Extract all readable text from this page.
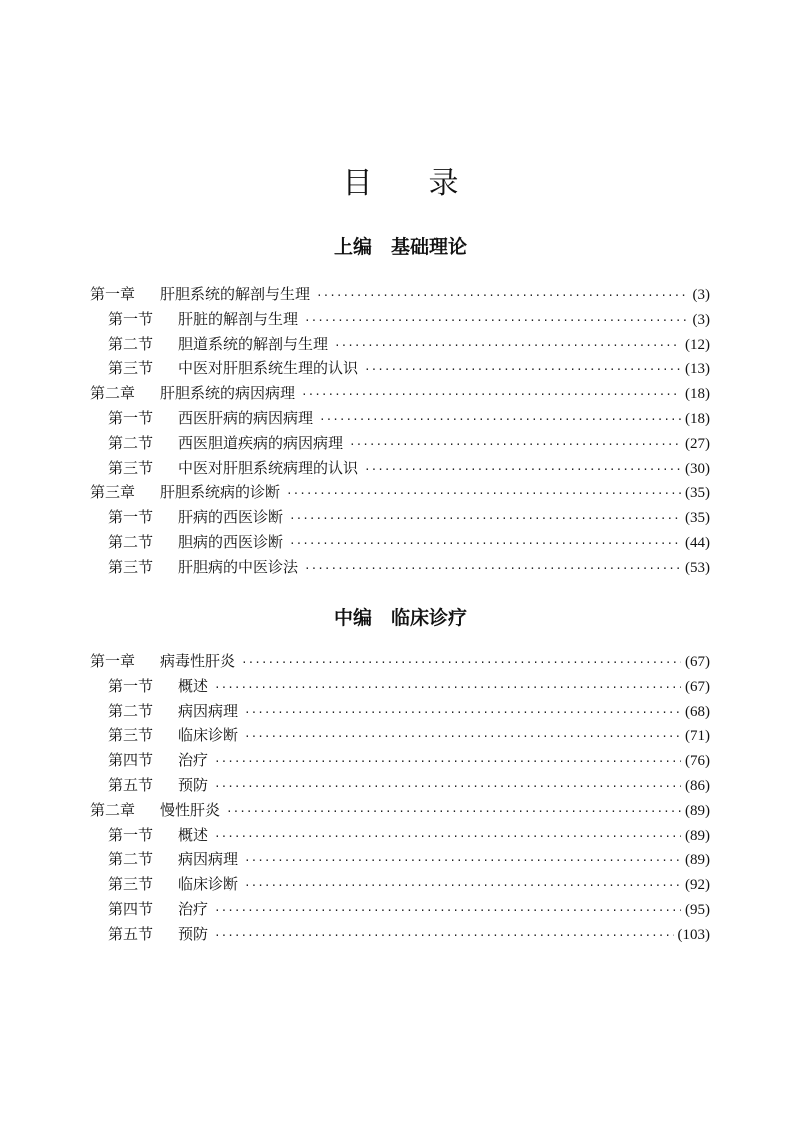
目录
上编　基础理论
第一章	肝胆系统的解剖与生理 ·····	(3)
第一节	肝脏的解剖与生理 ·····	(3)
第二节	胆道系统的解剖与生理 ·····	(12)
第三节	中医对肝胆系统生理的认识 ·····	(13)
第二章	肝胆系统的病因病理 ·····	(18)
第一节	西医肝病的病因病理 ·····	(18)
第二节	西医胆道疾病的病因病理 ·····	(27)
第三节	中医对肝胆系统病理的认识 ·····	(30)
第三章	肝胆系统病的诊断 ·····	(35)
第一节	肝病的西医诊断 ·····	(35)
第二节	胆病的西医诊断 ·····	(44)
第三节	肝胆病的中医诊法 ·····	(53)
中编　临床诊疗
第一章	病毒性肝炎 ·····	(67)
第一节	概述 ·····	(67)
第二节	病因病理 ·····	(68)
第三节	临床诊断 ·····	(71)
第四节	治疗 ·····	(76)
第五节	预防 ·····	(86)
第二章	慢性肝炎 ·····	(89)
第一节	概述 ·····	(89)
第二节	病因病理 ·····	(89)
第三节	临床诊断 ·····	(92)
第四节	治疗 ·····	(95)
第五节	预防 ·····	(103)
